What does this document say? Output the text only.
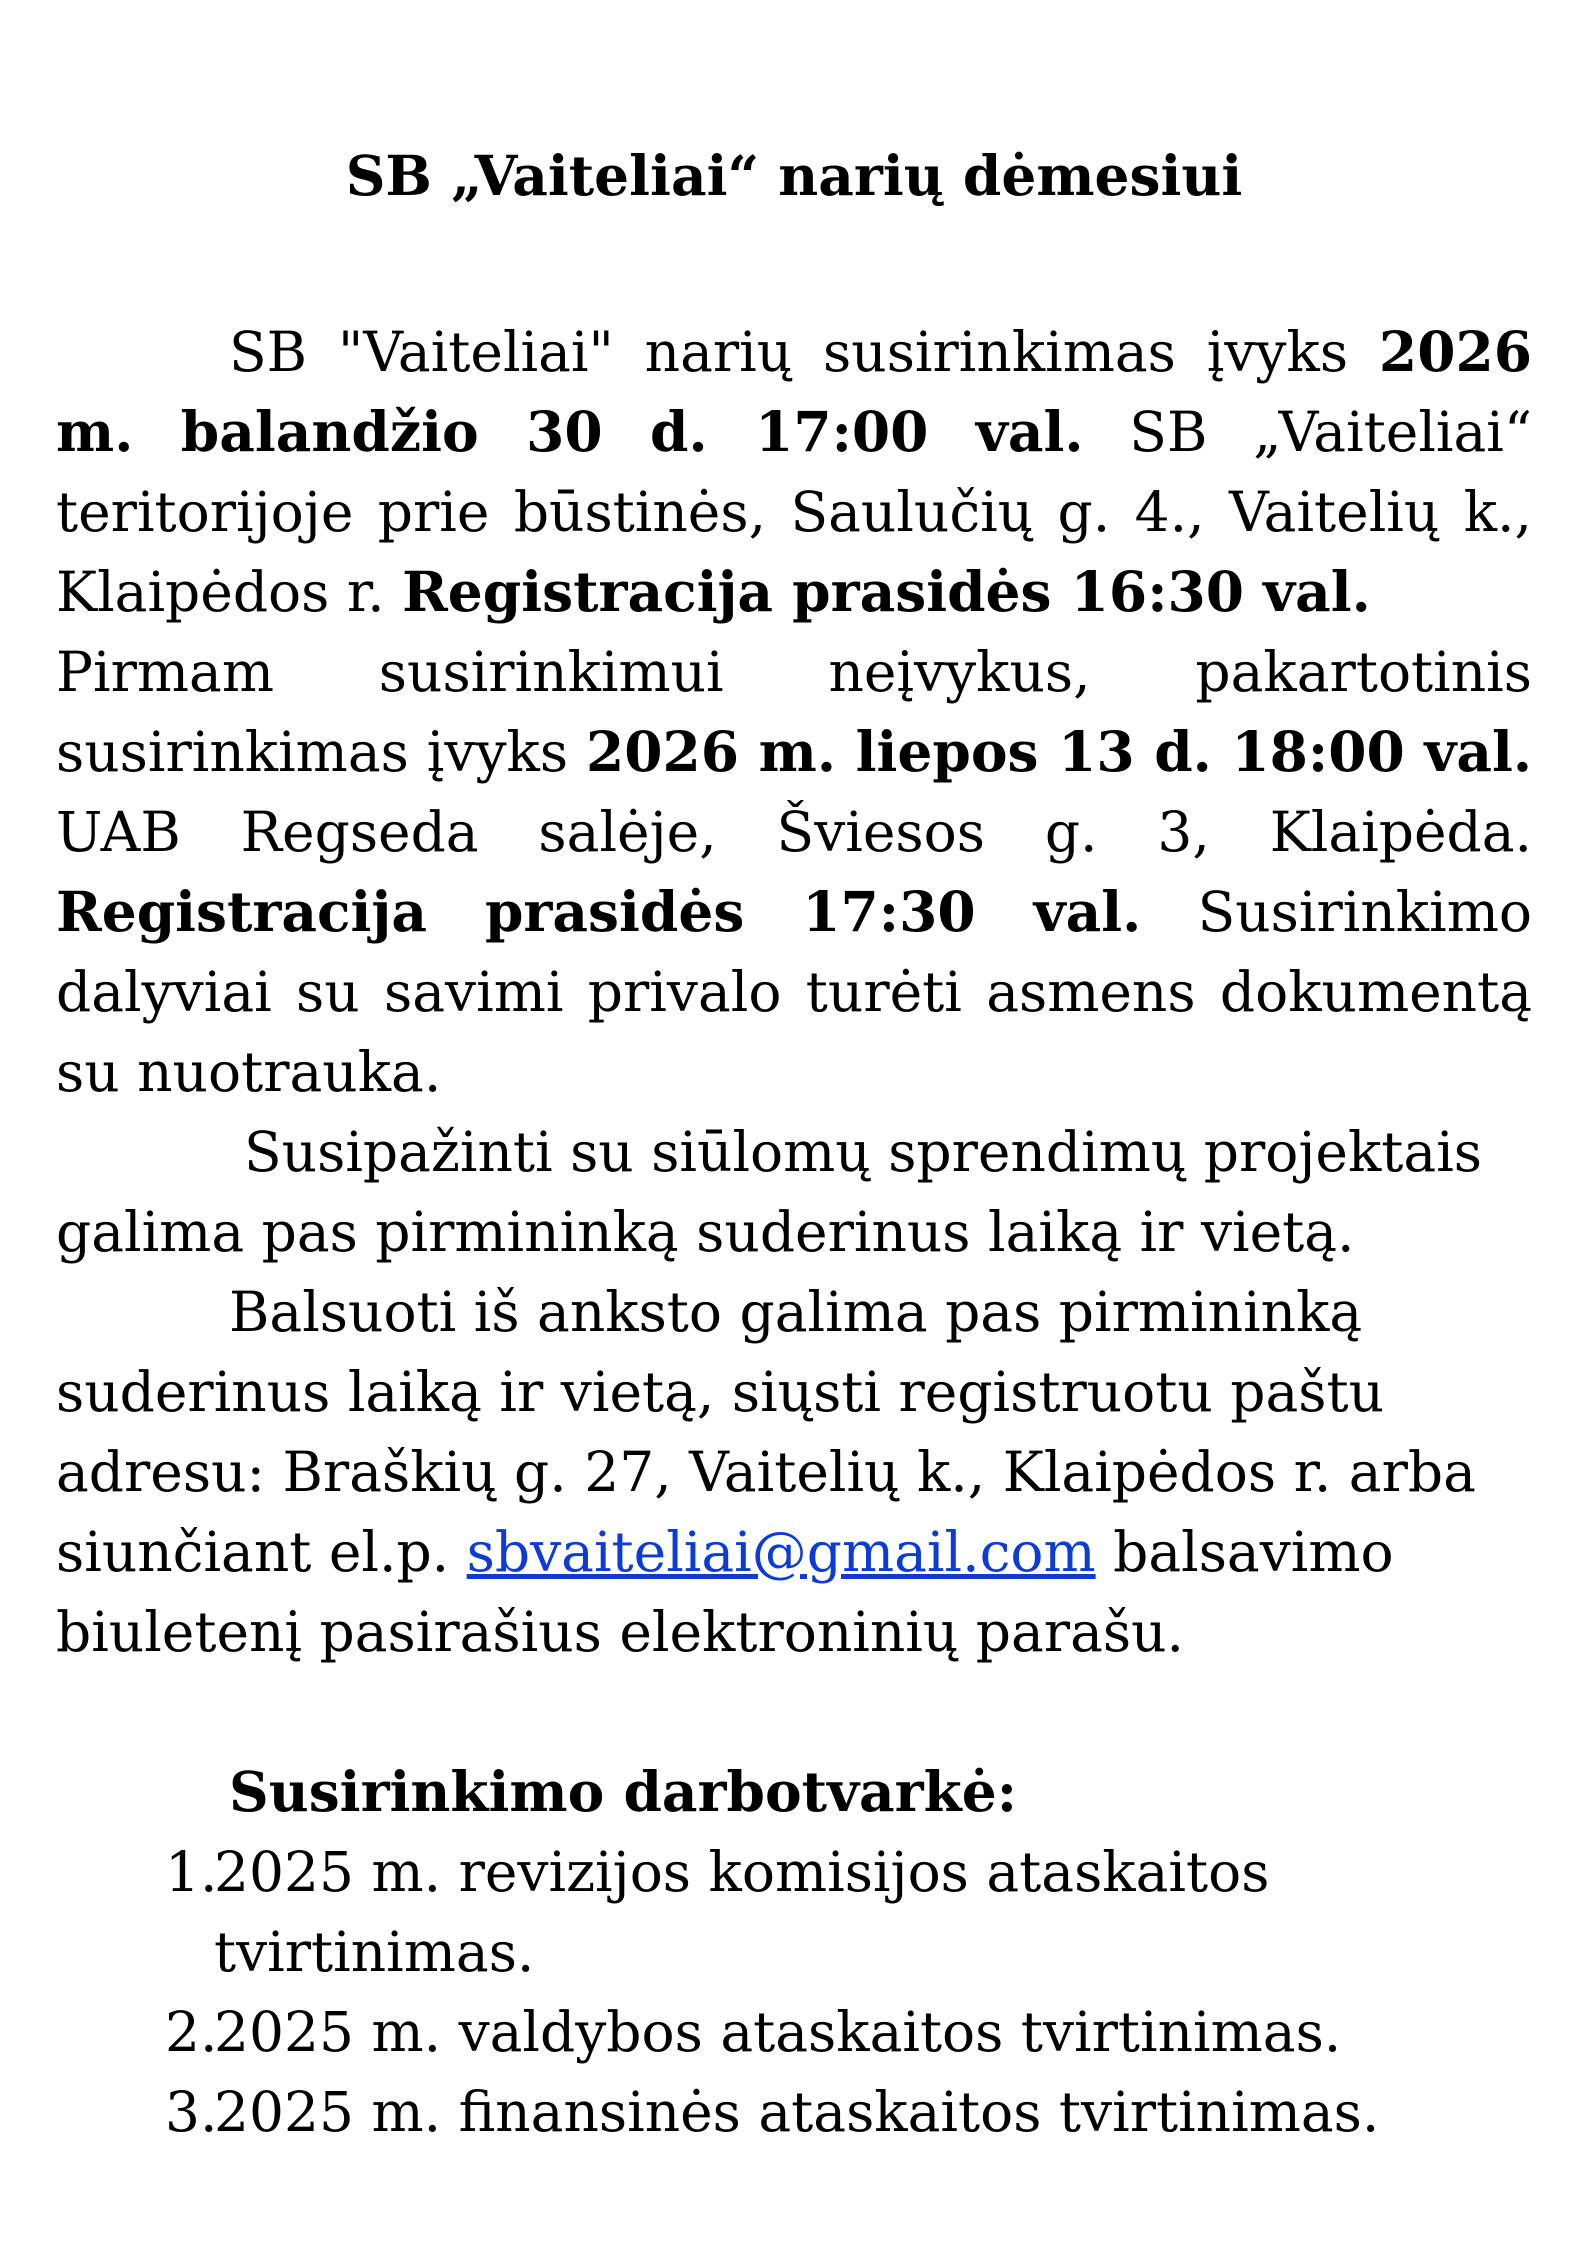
SB „Vaiteliai“ narių dėmesiui

SB "Vaiteliai" narių susirinkimas įvyks 2026 m. balandžio 30 d. 17:00 val. SB „Vaiteliai“ teritorijoje prie būstinės, Saulučių g. 4., Vaitelių k., Klaipėdos r. Registracija prasidės 16:30 val.

Pirmam susirinkimui neįvykus, pakartotinis susirinkimas įvyks 2026 m. liepos 13 d. 18:00 val. UAB Regseda salėje, Šviesos g. 3, Klaipėda. Registracija prasidės 17:30 val. Susirinkimo dalyviai su savimi privalo turėti asmens dokumentą su nuotrauka.

Susipažinti su siūlomų sprendimų projektais galima pas pirmininką suderinus laiką ir vietą.

Balsuoti iš anksto galima pas pirmininką suderinus laiką ir vietą, siųsti registruotu paštu adresu: Braškių g. 27, Vaitelių k., Klaipėdos r. arba siunčiant el.p. sbvaiteliai@gmail.com balsavimo biuletenį pasirašius elektroninių parašu.

Susirinkimo darbotvarkė:

1.
2025 m. revizijos komisijos ataskaitos tvirtinimas.
2.
2025 m. valdybos ataskaitos tvirtinimas.
3.
2025 m. finansinės ataskaitos tvirtinimas.
